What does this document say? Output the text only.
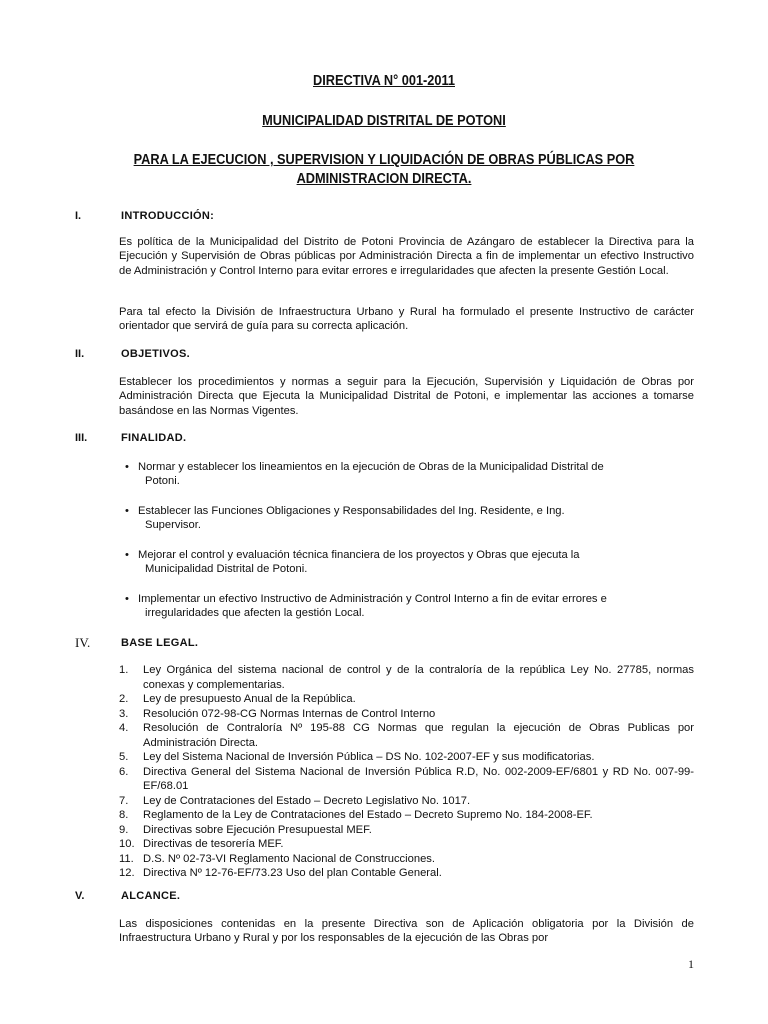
DIRECTIVA N° 001-2011
MUNICIPALIDAD DISTRITAL DE POTONI
PARA LA EJECUCION , SUPERVISION Y LIQUIDACIÓN DE OBRAS PÚBLICAS POR
ADMINISTRACION DIRECTA.
I.	INTRODUCCIÓN:
Es política de la Municipalidad del Distrito de Potoni Provincia de Azángaro de establecer la Directiva para la Ejecución y Supervisión de Obras públicas por Administración Directa a fin de implementar un efectivo Instructivo de Administración y Control Interno para evitar errores e irregularidades que afecten la presente Gestión Local.
Para tal efecto la División de Infraestructura Urbano y Rural ha formulado el presente Instructivo de carácter orientador que servirá de guía para su correcta aplicación.
II.	OBJETIVOS.
Establecer los procedimientos y normas a seguir para la Ejecución, Supervisión y Liquidación de Obras por Administración Directa que Ejecuta la Municipalidad Distrital de Potoni, e implementar las acciones a tomarse basándose en las Normas Vigentes.
III.	FINALIDAD.
• Normar y establecer los lineamientos en la ejecución de Obras de la Municipalidad Distrital de
Potoni.
• Establecer las Funciones Obligaciones y Responsabilidades del Ing. Residente, e Ing.
Supervisor.
• Mejorar el control y evaluación técnica financiera de los proyectos y Obras que ejecuta la
Municipalidad Distrital de Potoni.
• Implementar un efectivo Instructivo de Administración y Control Interno a fin de evitar errores e
irregularidades que afecten la gestión Local.
IV.	BASE LEGAL.
1. Ley Orgánica del sistema nacional de control y de la contraloría de la república Ley No. 27785, normas conexas y complementarias.
2. Ley de presupuesto Anual de la República.
3. Resolución 072-98-CG Normas Internas de Control Interno
4. Resolución de Contraloría Nº 195-88 CG Normas que regulan la ejecución de Obras Publicas por Administración Directa.
5. Ley del Sistema Nacional de Inversión Pública – DS No. 102-2007-EF y sus modificatorias.
6. Directiva General del Sistema Nacional de Inversión Pública R.D, No. 002-2009-EF/6801 y RD No. 007-99-EF/68.01
7. Ley de Contrataciones del Estado – Decreto Legislativo No. 1017.
8. Reglamento de la Ley de Contrataciones del Estado – Decreto Supremo No. 184-2008-EF.
9. Directivas sobre Ejecución Presupuestal MEF.
10. Directivas de tesorería MEF.
11. D.S. Nº 02-73-VI Reglamento Nacional de Construcciones.
12. Directiva Nº 12-76-EF/73.23 Uso del plan Contable General.
V.	ALCANCE.
Las disposiciones contenidas en la presente Directiva son de Aplicación obligatoria por la División de Infraestructura Urbano y Rural y por los responsables de la ejecución de las Obras por
1
